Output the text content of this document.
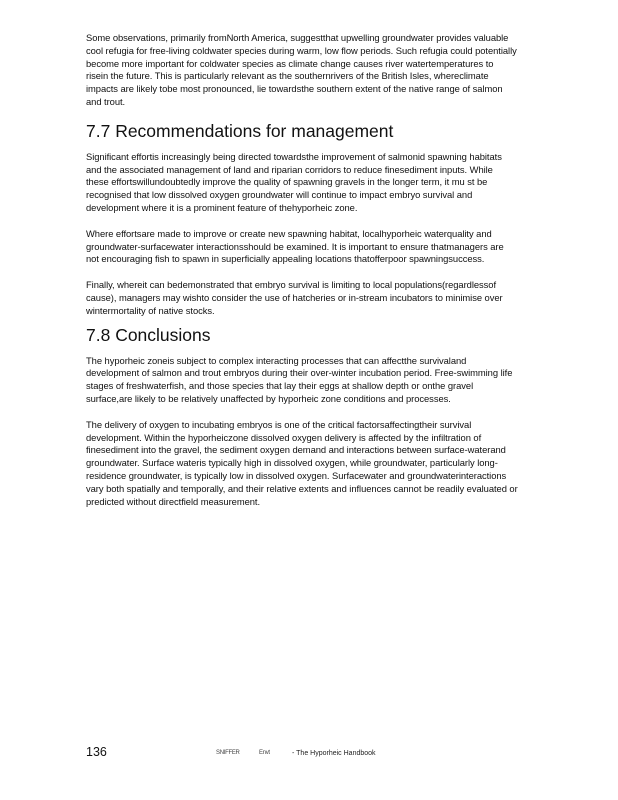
Some observations, primarily fromNorth America, suggestthat upwelling groundwater provides valuable cool refugia for free-living coldwater species during warm, low flow periods. Such refugia could potentially become more important for coldwater species as climate change causes river watertemperatures to risein the future. This is particularly relevant as the southernrivers of the British Isles, whereclimate impacts are likely tobe most pronounced, lie towardsthe southern extent of the native range of salmon and trout.

7.7 Recommendations for management

Significant effortis increasingly being directed towardsthe improvement of salmonid spawning habitats and the associated management of land and riparian corridors to reduce finesediment inputs. While these effortswillundoubtedly improve the quality of spawning gravels in the longer term, it mu st be recognised that low dissolved oxygen groundwater will continue to impact embryo survival and development where it is a prominent feature of thehyporheic zone.

Where effortsare made to improve or create new spawning habitat, localhyporheic waterquality and groundwater-surfacewater interactionsshould be examined. It is important to ensure thatmanagers are not encouraging fish to spawn in superficially appealing locations thatofferpoor spawningsuccess.

Finally, whereit can bedemonstrated that embryo survival is limiting to local populations(regardlessof cause), managers may wishto consider the use of hatcheries or in-stream incubators to minimise over wintermortality of native stocks.

7.8 Conclusions

The hyporheic zoneis subject to complex interacting processes that can affectthe survivaland development of salmon and trout embryos during their over-winter incubation period. Free-swimming life stages of freshwaterfish, and those species that lay their eggs at shallow depth or onthe gravel surface,are likely to be relatively unaffected by hyporheic zone conditions and processes.

The delivery of oxygen to incubating embryos is one of the critical factorsaffectingtheir survival development. Within the hyporheiczone dissolved oxygen delivery is affected by the infiltration of finesediment into the gravel, the sediment oxygen demand and interactions between surface-waterand groundwater. Surface wateris typically high in dissolved oxygen, while groundwater, particularly long-residence groundwater, is typically low in dissolved oxygen. Surfacewater and groundwaterinteractions vary both spatially and temporally, and their relative extents and influences cannot be readily evaluated or predicted without directfield measurement.

136	SNIFFER	Envt	- The Hyporheic Handbook
